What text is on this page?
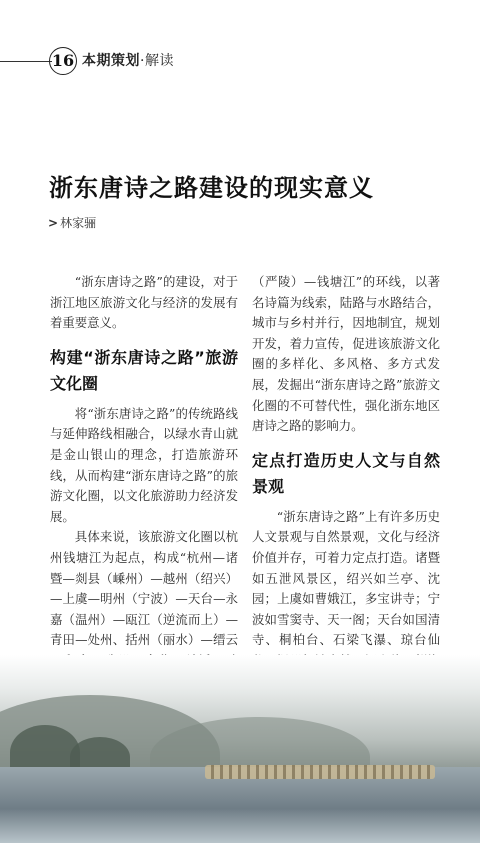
16 本期策划·解读
浙东唐诗之路建设的现实意义
> 林家骊

“浙东唐诗之路”的建设，对于浙江地区旅游文化与经济的发展有着重要意义。

构建“浙东唐诗之路”旅游文化圈

将“浙东唐诗之路”的传统路线与延伸路线相融合，以绿水青山就是金山银山的理念，打造旅游环线，从而构建“浙东唐诗之路”的旅游文化圈，以文化旅游助力经济发展。

具体来说，该旅游文化圈以杭州钱塘江为起点，构成“杭州—诸暨—剡县（嵊州）—越州（绍兴）—上虞—明州（宁波）—天台—永嘉（温州）—瓯江（逆流而上）—青田—处州、括州（丽水）—缙云

（严陵）—钱塘江”的环线，以著名诗篇为线索，陆路与水路结合，城市与乡村并行，因地制宜，规划开发，着力宣传，促进该旅游文化圈的多样化、多风格、多方式发展，发掘出“浙东唐诗之路”旅游文化圈的不可替代性，强化浙东地区唐诗之路的影响力。

定点打造历史人文与自然景观

“浙东唐诗之路”上有许多历史人文景观与自然景观，文化与经济价值并存，可着力定点打造。诸暨如五泄风景区，绍兴如兰亭、沈园；上虞如曹娥江，多宝讲寺；宁波如雪窦寺、天一阁；天台如国清寺、桐柏台、石梁飞瀑、琼台仙
